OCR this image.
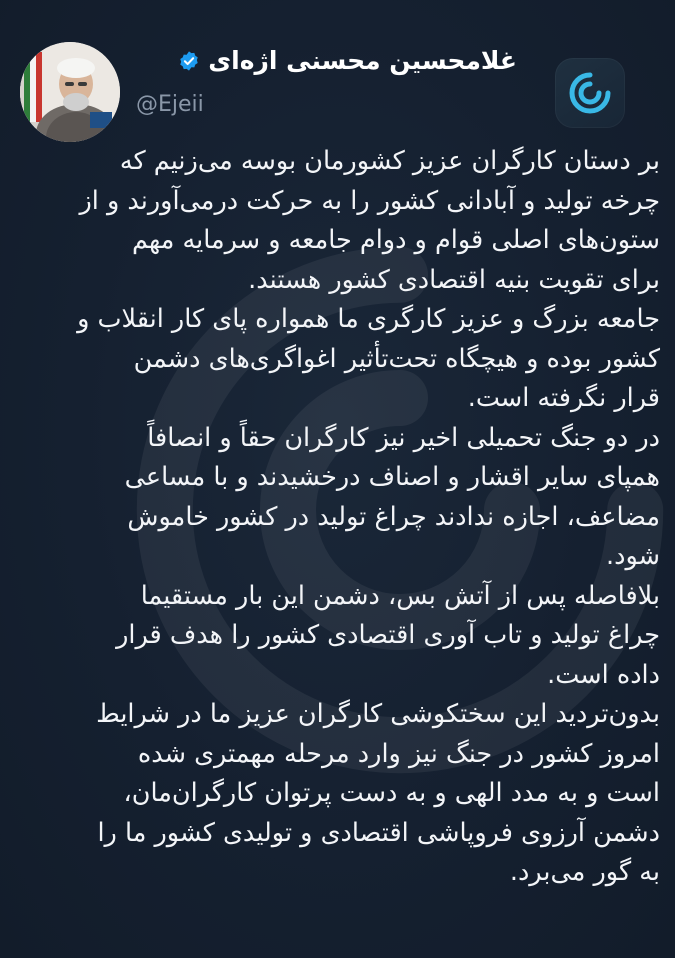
غلامحسین محسنی اژه‌ای
@Ejeii

بر دستان کارگران عزیز کشورمان بوسه می‌زنیم که
چرخه تولید و آبادانی کشور را به حرکت درمی‌آورند و از
ستون‌های اصلی قوام و دوام جامعه و سرمایه مهم
برای تقویت بنیه اقتصادی کشور هستند.

جامعه بزرگ و عزیز کارگری ما همواره پای کار انقلاب و
کشور بوده و هیچگاه تحت‌تأثیر اغواگری‌های دشمن
قرار نگرفته است.

در دو جنگ تحمیلی اخیر نیز کارگران حقاً و انصافاً
همپای سایر اقشار و اصناف درخشیدند و با مساعی
مضاعف، اجازه ندادند چراغ تولید در کشور خاموش
شود.

بلافاصله پس از آتش بس، دشمن این بار مستقیما
چراغ تولید و تاب آوری اقتصادی کشور را هدف قرار
داده است.

بدون‌تردید این سختکوشی کارگران عزیز ما در شرایط
امروز کشور در جنگ نیز وارد مرحله مهمتری شده
است و به مدد الهی و به دست پرتوان کارگران‌مان،
دشمن آرزوی فروپاشی اقتصادی و تولیدی کشور ما را
به گور می‌برد.
